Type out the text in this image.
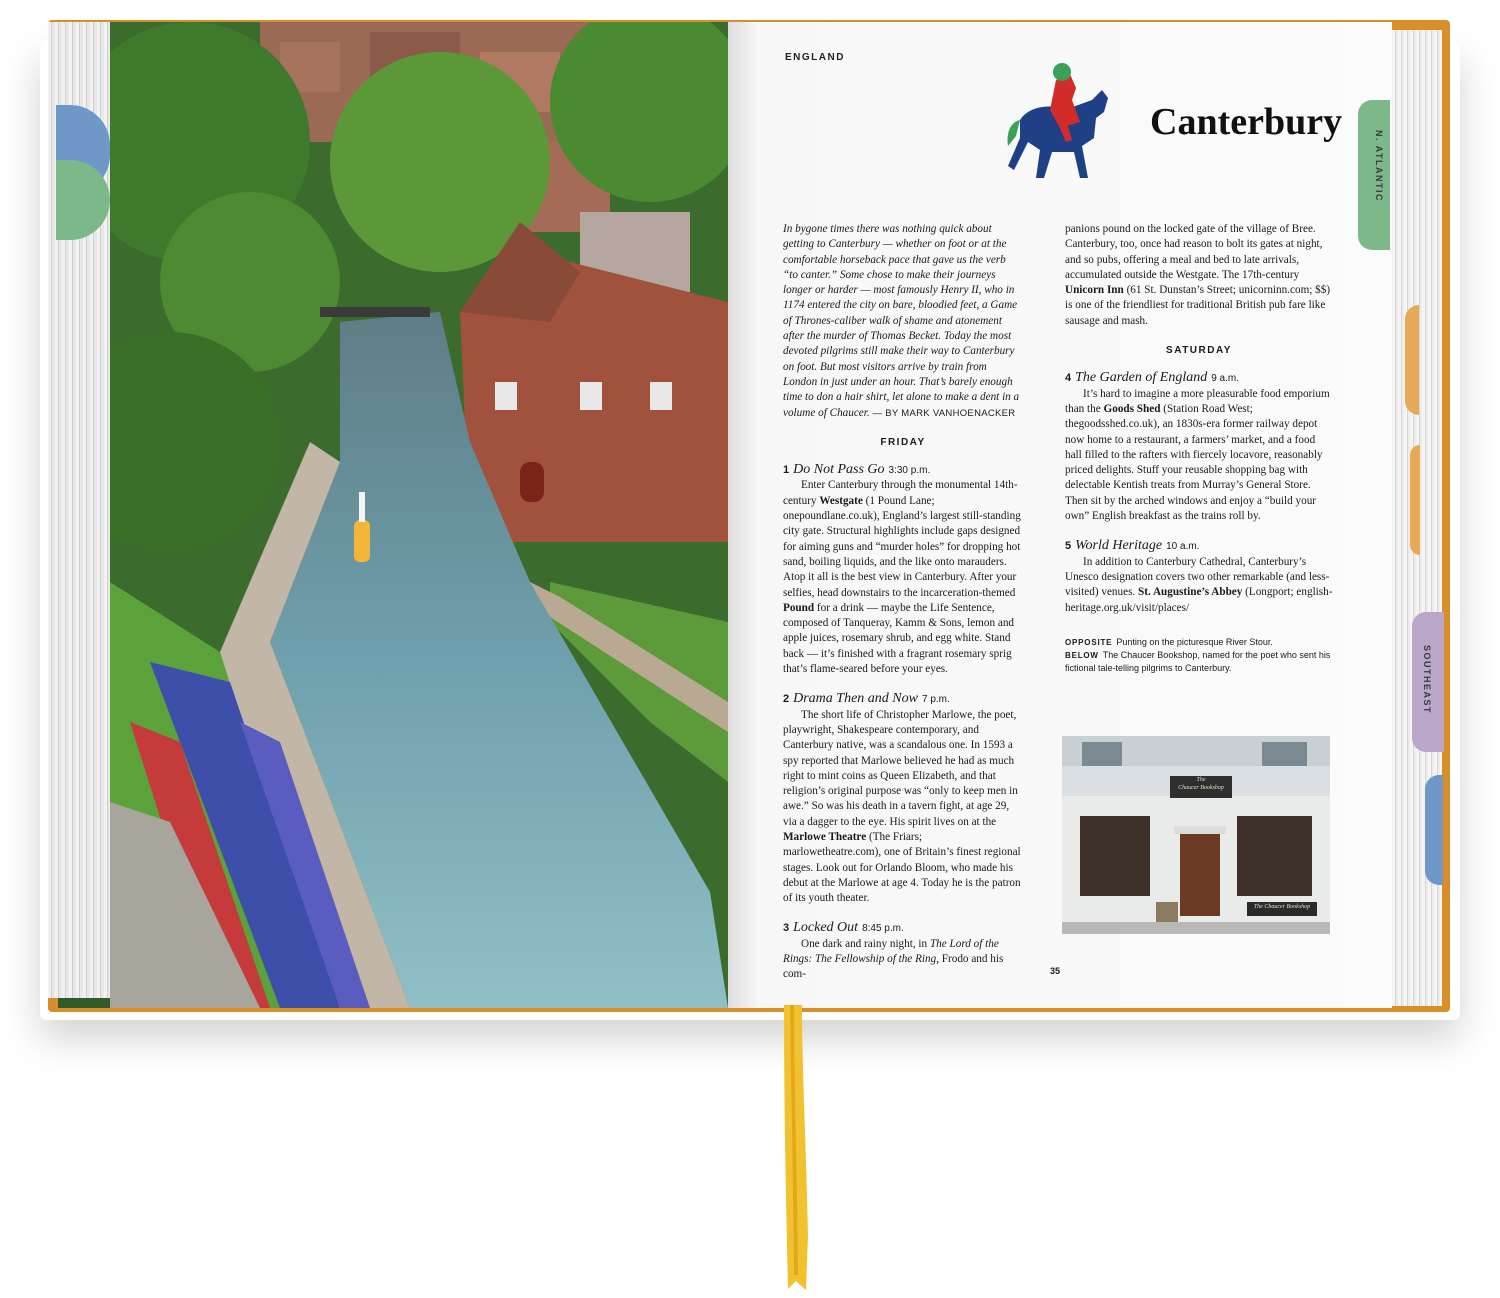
N. ATLANTIC
SOUTHEAST
ENGLAND
Canterbury

In bygone times there was nothing quick about getting to Canterbury — whether on foot or at the comfortable horseback pace that gave us the verb “to canter.” Some chose to make their journeys longer or harder — most famously Henry II, who in 1174 entered the city on bare, bloodied feet, a Game of Thrones-caliber walk of shame and atonement after the murder of Thomas Becket. Today the most devoted pilgrims still make their way to Canterbury on foot. But most visitors arrive by train from London in just under an hour. That’s barely enough time to don a hair shirt, let alone to make a dent in a volume of Chaucer. — BY MARK VANHOENACKER

FRIDAY

1 Do Not Pass Go 3:30 p.m.

Enter Canterbury through the monumental 14th-century Westgate (1 Pound Lane; onepoundlane.co.uk), England’s largest still-standing city gate. Structural highlights include gaps designed for aiming guns and “murder holes” for dropping hot sand, boiling liquids, and the like onto marauders. Atop it all is the best view in Canterbury. After your selfies, head downstairs to the incarceration-themed Pound for a drink — maybe the Life Sentence, composed of Tanqueray, Kamm & Sons, lemon and apple juices, rosemary shrub, and egg white. Stand back — it’s finished with a fragrant rosemary sprig that’s flame-seared before your eyes.

2 Drama Then and Now 7 p.m.

The short life of Christopher Marlowe, the poet, playwright, Shakespeare contemporary, and Canterbury native, was a scandalous one. In 1593 a spy reported that Marlowe believed he had as much right to mint coins as Queen Elizabeth, and that religion’s original purpose was “only to keep men in awe.” So was his death in a tavern fight, at age 29, via a dagger to the eye. His spirit lives on at the Marlowe Theatre (The Friars; marlowetheatre.com), one of Britain’s finest regional stages. Look out for Orlando Bloom, who made his debut at the Marlowe at age 4. Today he is the patron of its youth theater.

3 Locked Out 8:45 p.m.

One dark and rainy night, in The Lord of the Rings: The Fellowship of the Ring, Frodo and his com-

panions pound on the locked gate of the village of Bree. Canterbury, too, once had reason to bolt its gates at night, and so pubs, offering a meal and bed to late arrivals, accumulated outside the Westgate. The 17th-century Unicorn Inn (61 St. Dunstan’s Street; unicorninn.com; $$) is one of the friendliest for traditional British pub fare like sausage and mash.

SATURDAY

4 The Garden of England 9 a.m.

It’s hard to imagine a more pleasurable food emporium than the Goods Shed (Station Road West; thegoodsshed.co.uk), an 1830s-era former railway depot now home to a restaurant, a farmers’ market, and a food hall filled to the rafters with fiercely locavore, reasonably priced delights. Stuff your reusable shopping bag with delectable Kentish treats from Murray’s General Store. Then sit by the arched windows and enjoy a “build your own” English breakfast as the trains roll by.

5 World Heritage 10 a.m.

In addition to Canterbury Cathedral, Canterbury’s Unesco designation covers two other remarkable (and less-visited) venues. St. Augustine’s Abbey (Longport; english-heritage.org.uk/visit/places/

OPPOSITE Punting on the picturesque River Stour.

BELOW The Chaucer Bookshop, named for the poet who sent his fictional tale-telling pilgrims to Canterbury.

The
Chaucer Bookshop
The Chaucer Bookshop
35
